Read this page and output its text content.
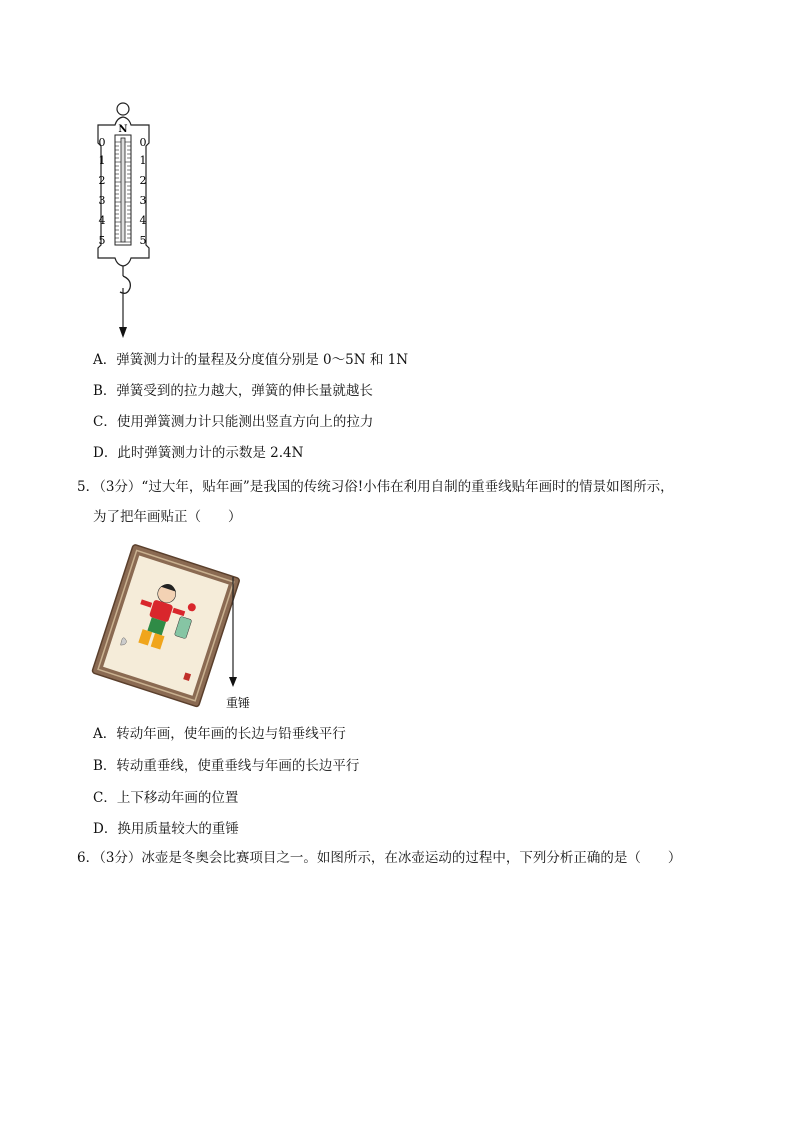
N
0
1
2
3
4
5
0
1
2
3
4
5
A．弹簧测力计的量程及分度值分别是 0～5N 和 1N
B．弹簧受到的拉力越大，弹簧的伸长量就越长
C．使用弹簧测力计只能测出竖直方向上的拉力
D．此时弹簧测力计的示数是 2.4N
5．（3分）“过大年，贴年画”是我国的传统习俗!小伟在利用自制的重垂线贴年画时的情景如图所示，
为了把年画贴正（　　）
重锤
A．转动年画，使年画的长边与铅垂线平行
B．转动重垂线，使重垂线与年画的长边平行
C．上下移动年画的位置
D．换用质量较大的重锤
6．（3分）冰壶是冬奥会比赛项目之一。如图所示，在冰壶运动的过程中，下列分析正确的是（　　）
